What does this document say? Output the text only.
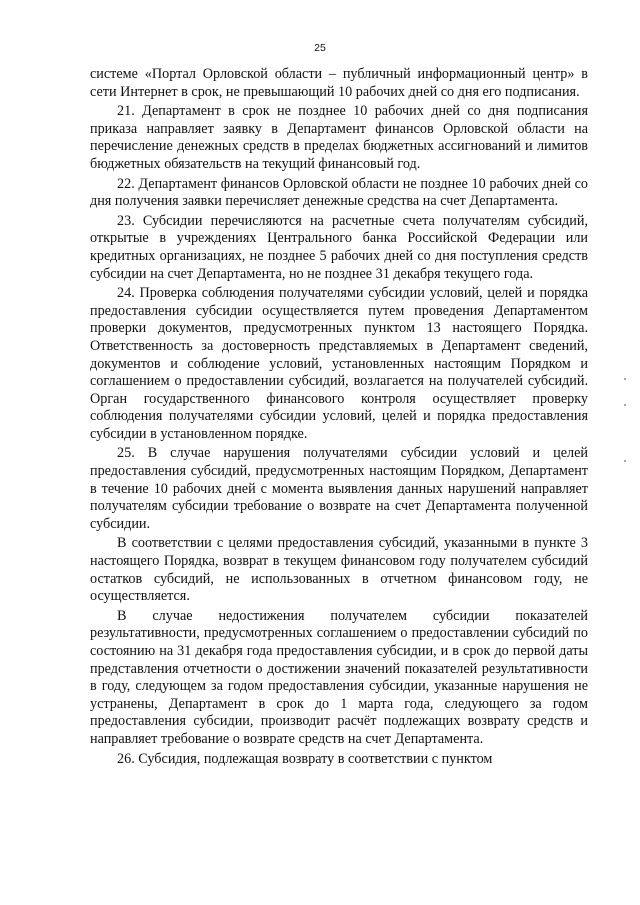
25

системе «Портал Орловской области – публичный информационный центр» в сети Интернет в срок, не превышающий 10 рабочих дней со дня его подписания.

21. Департамент в срок не позднее 10 рабочих дней со дня подписания приказа направляет заявку в Департамент финансов Орловской области на перечисление денежных средств в пределах бюджетных ассигнований и лимитов бюджетных обязательств на текущий финансовый год.

22. Департамент финансов Орловской области не позднее 10 рабочих дней со дня получения заявки перечисляет денежные средства на счет Департамента.

23. Субсидии перечисляются на расчетные счета получателям субсидий, открытые в учреждениях Центрального банка Российской Федерации или кредитных организациях, не позднее 5 рабочих дней со дня поступления средств субсидии на счет Департамента, но не позднее 31 декабря текущего года.

24. Проверка соблюдения получателями субсидии условий, целей и порядка предоставления субсидии осуществляется путем проведения Департаментом проверки документов, предусмотренных пунктом 13 настоящего Порядка. Ответственность за достоверность представляемых в Департамент сведений, документов и соблюдение условий, установленных настоящим Порядком и соглашением о предоставлении субсидий, возлагается на получателей субсидий. Орган государственного финансового контроля осуществляет проверку соблюдения получателями субсидии условий, целей и порядка предоставления субсидии в установленном порядке.

25. В случае нарушения получателями субсидии условий и целей предоставления субсидий, предусмотренных настоящим Порядком, Департамент в течение 10 рабочих дней с момента выявления данных нарушений направляет получателям субсидии требование о возврате на счет Департамента полученной субсидии.

В соответствии с целями предоставления субсидий, указанными в пункте 3 настоящего Порядка, возврат в текущем финансовом году получателем субсидий остатков субсидий, не использованных в отчетном финансовом году, не осуществляется.

В случае недостижения получателем субсидии показателей результативности, предусмотренных соглашением о предоставлении субсидий по состоянию на 31 декабря года предоставления субсидии, и в срок до первой даты представления отчетности о достижении значений показателей результативности в году, следующем за годом предоставления субсидии, указанные нарушения не устранены, Департамент в срок до 1 марта года, следующего за годом предоставления субсидии, производит расчёт подлежащих возврату средств и направляет требование о возврате средств на счет Департамента.

26. Субсидия, подлежащая возврату в соответствии с пунктом
